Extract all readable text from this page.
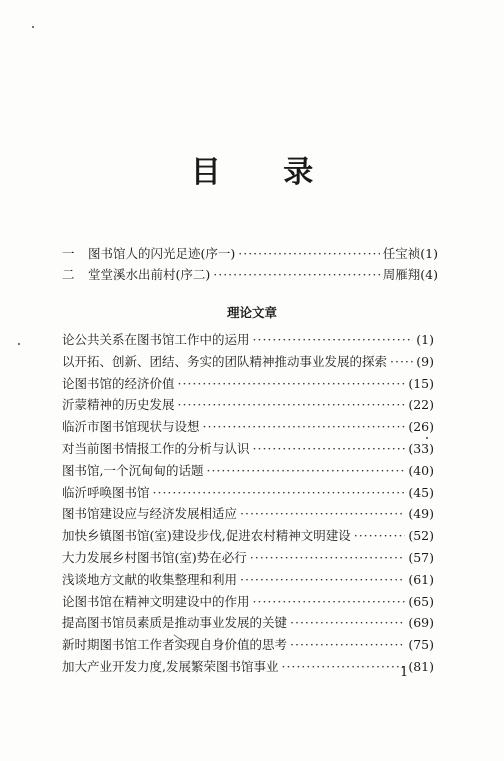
目 录
一	图书馆人的闪光足迹(序一) ·····	任宝祯(1)
二	堂堂溪水出前村(序二) ·····	周雁翔(4)
理论文章
论公共关系在图书馆工作中的运用 ·····	(1)
以开拓、创新、团结、务实的团队精神推动事业发展的探索 ····· (9)
论图书馆的经济价值 ·····	(15)
沂蒙精神的历史发展 ·····	(22)
临沂市图书馆现状与设想 ·····	(26)
对当前图书情报工作的分析与认识 ·····	(33)
图书馆,一个沉甸甸的话题 ·····	(40)
临沂呼唤图书馆 ·····	(45)
图书馆建设应与经济发展相适应 ·····	(49)
加快乡镇图书馆(室)建设步伐,促进农村精神文明建设 ·····	(52)
大力发展乡村图书馆(室)势在必行 ·····	(57)
浅谈地方文献的收集整理和利用 ·····	(61)
论图书馆在精神文明建设中的作用 ·····	(65)
提高图书馆员素质是推动事业发展的关键 ·····	(69)
新时期图书馆工作者实现自身价值的思考 ·····	(75)
加大产业开发力度,发展繁荣图书馆事业 ·····	(81)
1
